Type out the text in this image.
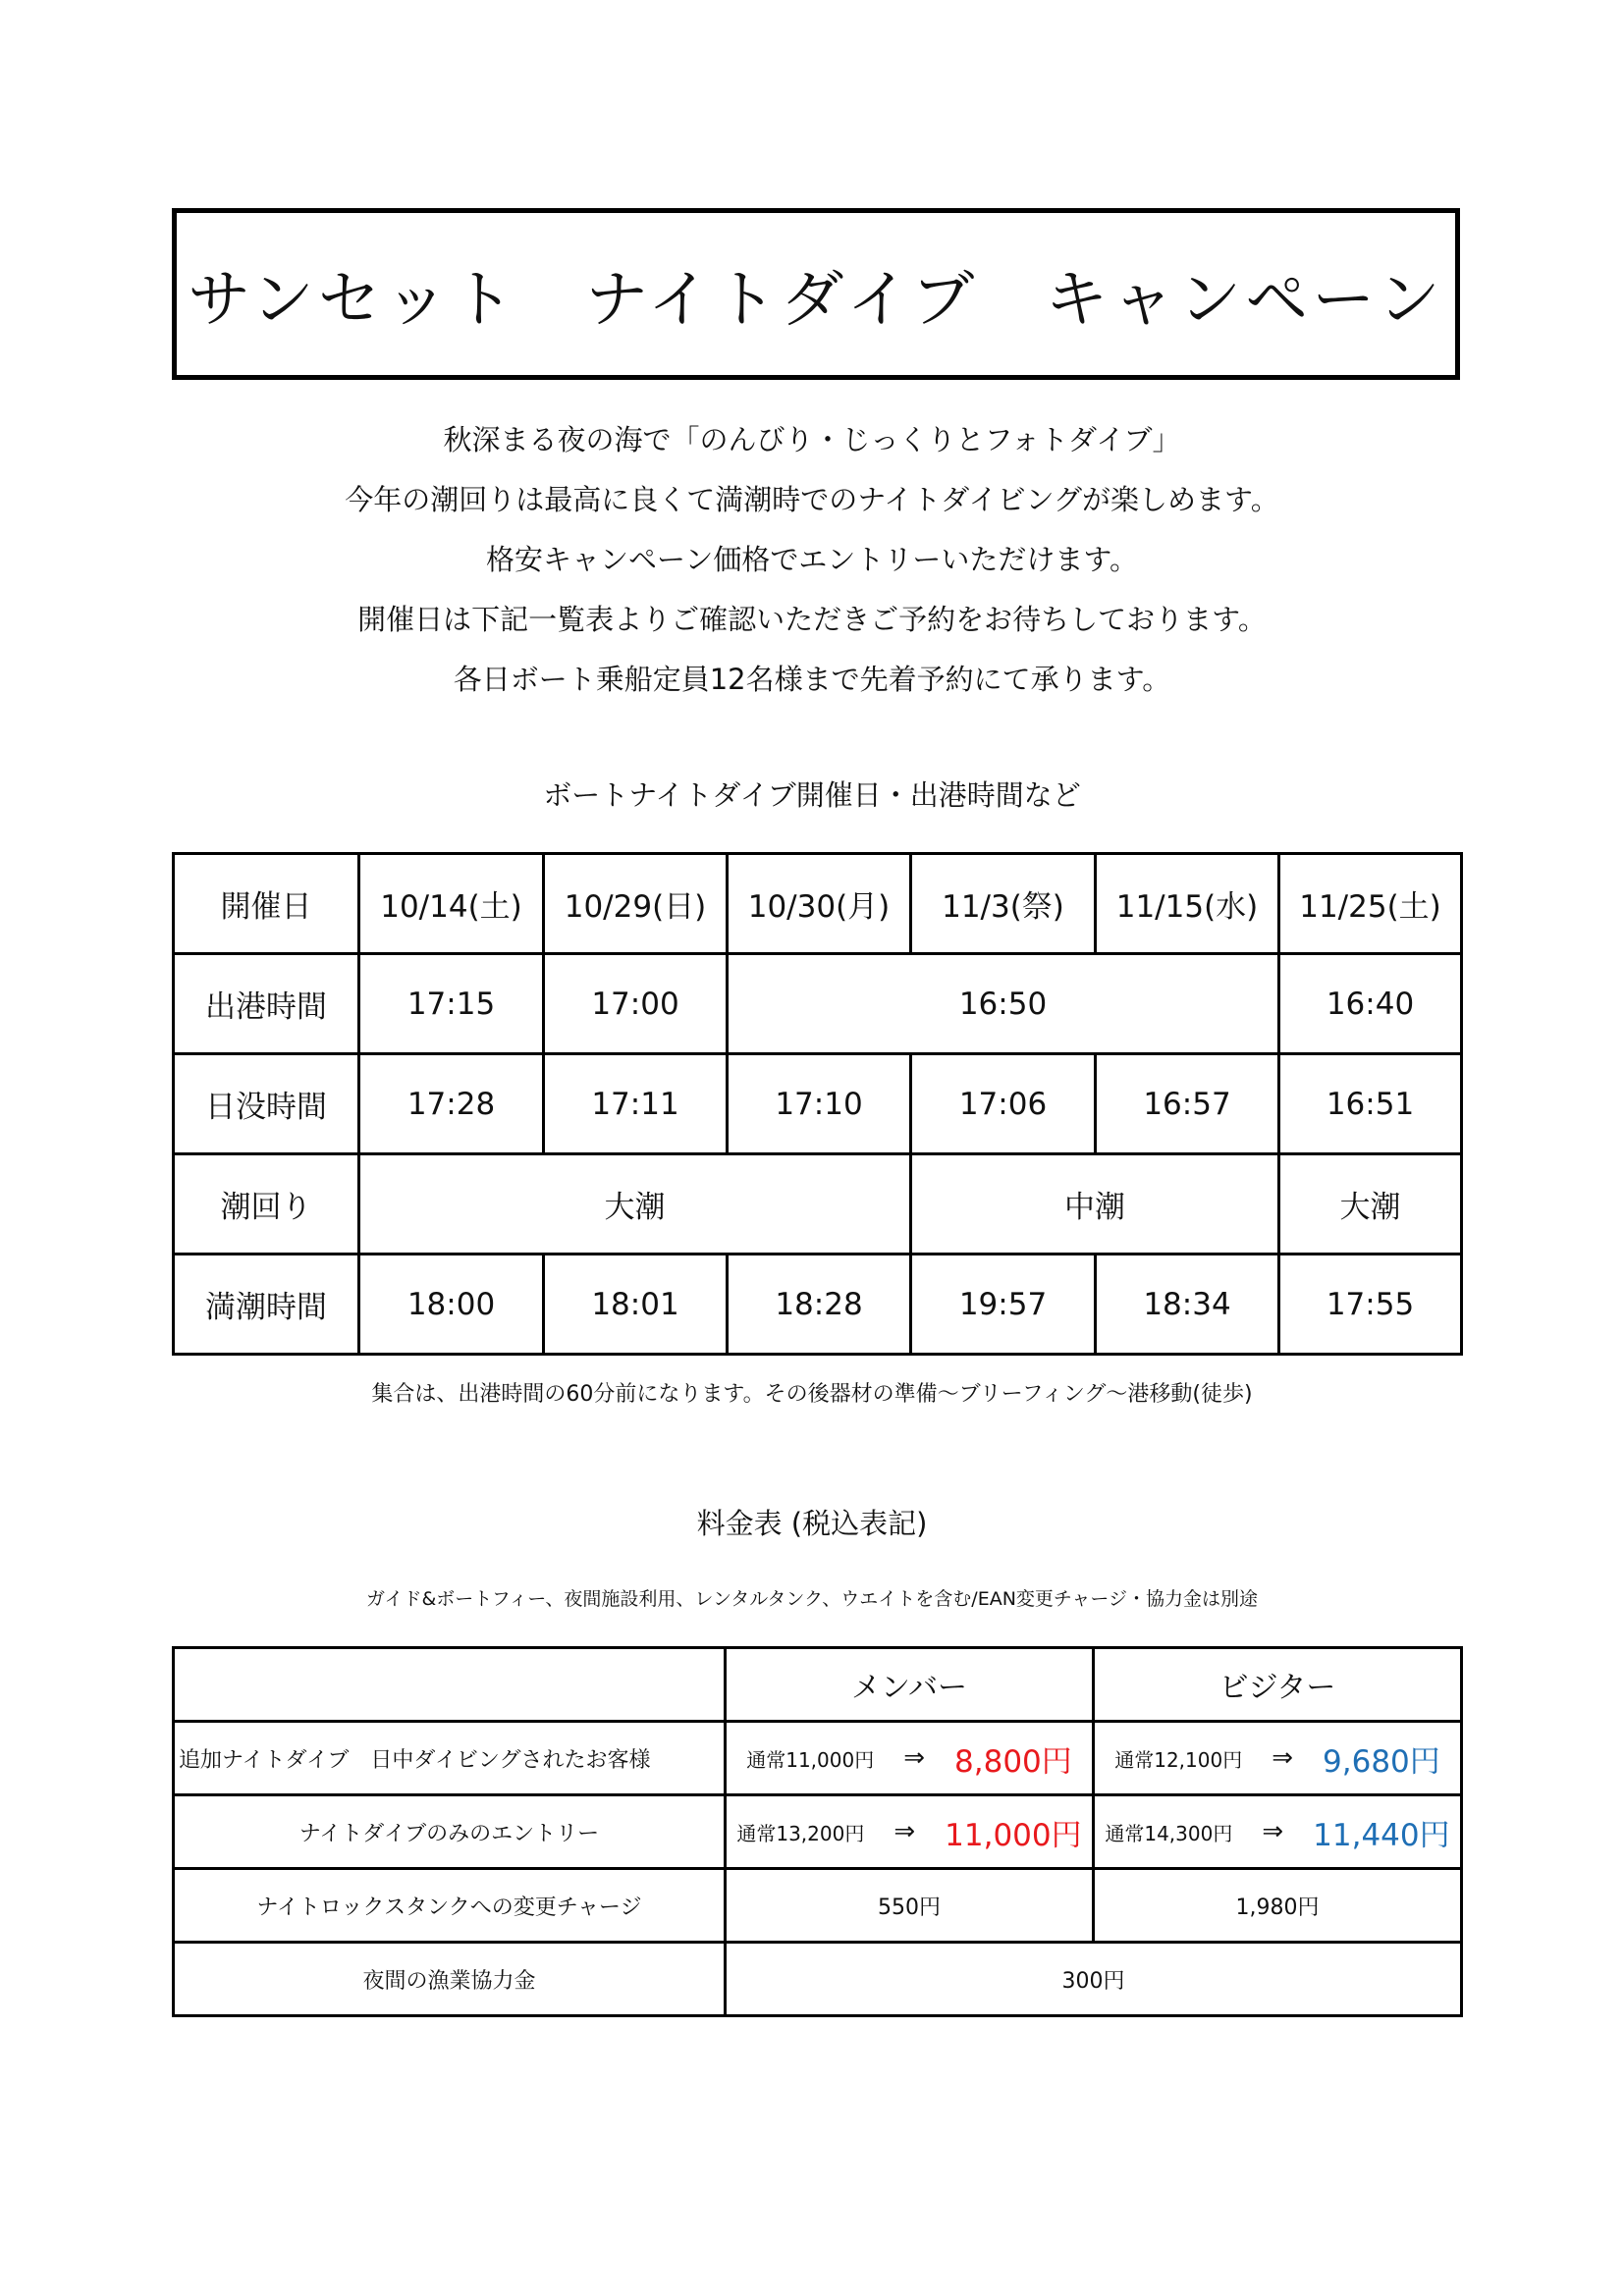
サンセット　ナイトダイブ　キャンペーン
秋深まる夜の海で「のんびり・じっくりとフォトダイブ」
今年の潮回りは最高に良くて満潮時でのナイトダイビングが楽しめます。
格安キャンペーン価格でエントリーいただけます。
開催日は下記一覧表よりご確認いただきご予約をお待ちしております。
各日ボート乗船定員12名様まで先着予約にて承ります。
ボートナイトダイブ開催日・出港時間など
開催日	10/14(土)	10/29(日)	10/30(月)	11/3(祭)	11/15(水)	11/25(土)
出港時間	17:15	17:00	16:50			16:40
日没時間	17:28	17:11	17:10	17:06	16:57	16:51
潮回り	大潮			中潮		大潮
満潮時間	18:00	18:01	18:28	19:57	18:34	17:55
集合は、出港時間の60分前になります。その後器材の準備～ブリーフィング～港移動(徒歩)
料金表 (税込表記)
ガイド&ボートフィー、夜間施設利用、レンタルタンク、ウエイトを含む/EAN変更チャージ・協力金は別途
	メンバー	ビジター
追加ナイトダイブ　日中ダイビングされたお客様	通常11,000円 ⇒ 8,800円	通常12,100円 ⇒ 9,680円

ナイトダイブのみのエントリー	通常13,200円 ⇒ 11,000円	通常14,300円 ⇒ 11,440円

ナイトロックスタンクへの変更チャージ	550円	1,980円
夜間の漁業協力金	300円	
